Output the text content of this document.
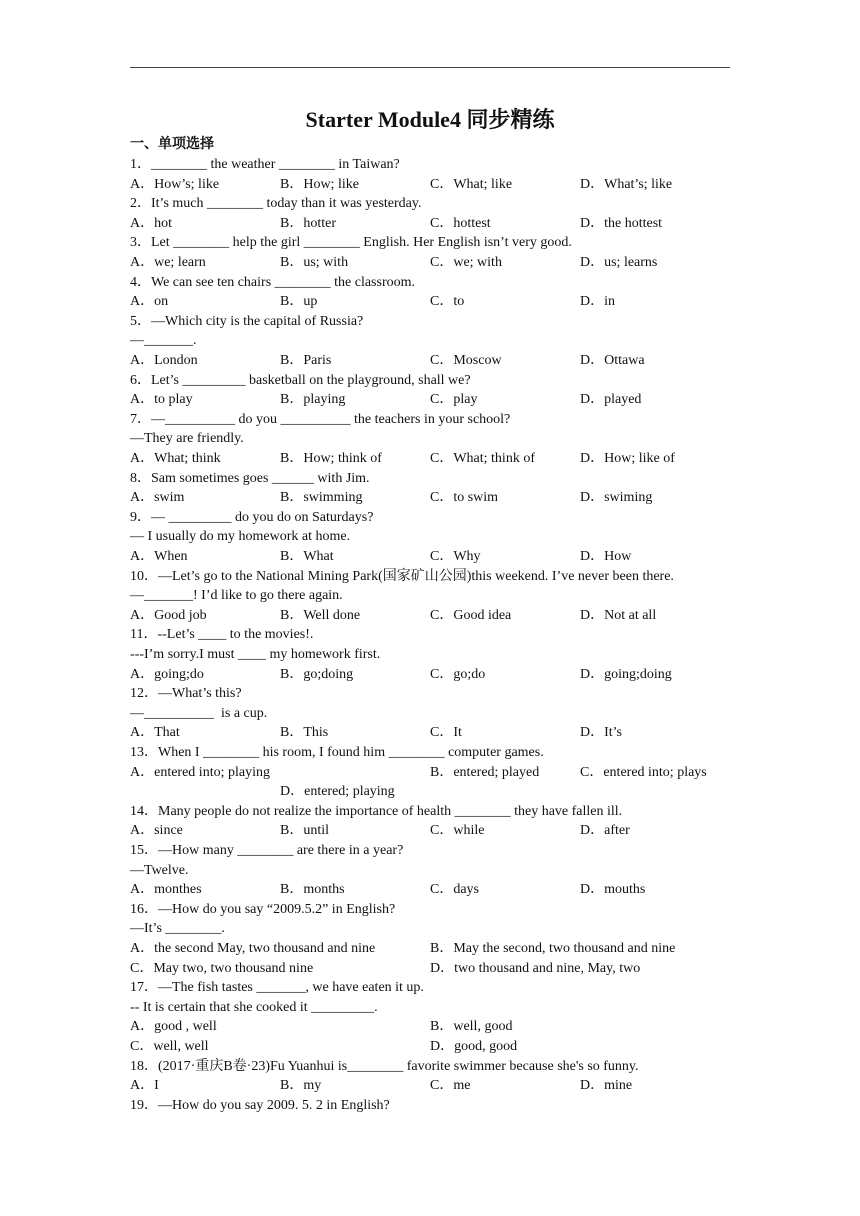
Starter Module4 同步精练
一、单项选择
1．________ the weather ________ in Taiwan?
A．How’s; like	B．How; like	C．What; like	D．What’s; like
2．It’s much ________ today than it was yesterday.
A．hot	B．hotter	C．hottest	D．the hottest
3．Let ________ help the girl ________ English. Her English isn’t very good.
A．we; learn	B．us; with	C．we; with	D．us; learns
4．We can see ten chairs ________ the classroom.
A．on	B．up	C．to	D．in
5．—Which city is the capital of Russia?
—_______.
A．London	B．Paris	C．Moscow	D．Ottawa
6．Let’s _________ basketball on the playground, shall we?
A．to play	B．playing	C．play	D．played
7．—__________ do you __________ the teachers in your school?
—They are friendly.
A．What; think	B．How; think of	C．What; think of	D．How; like of
8．Sam sometimes goes ______ with Jim.
A．swim	B．swimming	C．to swim	D．swiming
9．— _________ do you do on Saturdays?
— I usually do my homework at home.
A．When	B．What	C．Why	D．How
10．—Let’s go to the National Mining Park(国家矿山公园)this weekend. I’ve never been there.
—_______! I’d like to go there again.
A．Good job	B．Well done	C．Good idea	D．Not at all
11．--Let’s ____ to the movies!.
---I’m sorry.I must ____ my homework first.
A．going;do	B．go;doing	C．go;do	D．going;doing
12．—What’s this?
—__________  is a cup.
A．That	B．This	C．It	D．It’s
13．When I ________ his room, I found him ________ computer games.
A．entered into; playing	B．entered; played	C．entered into; plays
D．entered; playing
14．Many people do not realize the importance of health ________ they have fallen ill.
A．since	B．until	C．while	D．after
15．—How many ________ are there in a year?
—Twelve.
A．monthes	B．months	C．days	D．mouths
16．—How do you say “2009.5.2” in English?
—It’s ________.
A．the second May, two thousand and nine	B．May the second, two thousand and nine
C．May two, two thousand nine	D．two thousand and nine, May, two
17．—The fish tastes _______, we have eaten it up.
-- It is certain that she cooked it _________.
A．good , well	B．well, good
C．well, well	D．good, good
18．(2017·重庆B卷·23)Fu Yuanhui is________ favorite swimmer because she's so funny.
A．I	B．my	C．me	D．mine
19．—How do you say 2009. 5. 2 in English?
